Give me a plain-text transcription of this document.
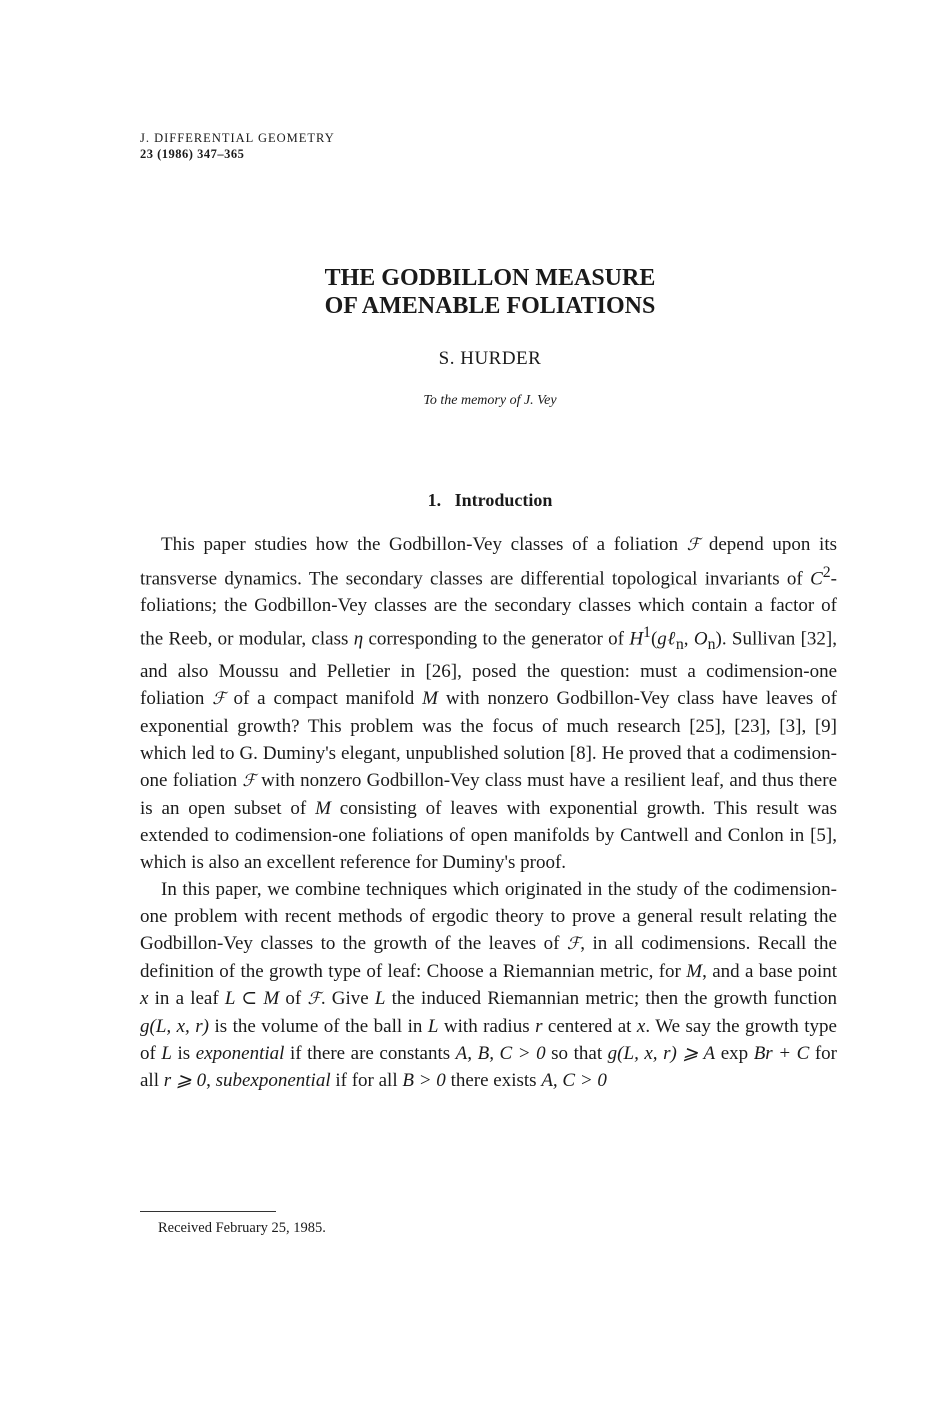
J. DIFFERENTIAL GEOMETRY
23 (1986) 347–365
THE GODBILLON MEASURE
OF AMENABLE FOLIATIONS
S. HURDER
To the memory of J. Vey
1. Introduction

This paper studies how the Godbillon-Vey classes of a foliation ℱ depend upon its transverse dynamics. The secondary classes are differential topological invariants of $C^2$-foliations; the Godbillon-Vey classes are the secondary classes which contain a factor of the Reeb, or modular, class η corresponding to the generator of $H^1(g\ell_n$, $O_n$). Sullivan [32], and also Moussu and Pelletier in [26], posed the question: must a codimension-one foliation ℱ of a compact manifold M with nonzero Godbillon-Vey class have leaves of exponential growth? This problem was the focus of much research [25], [23], [3], [9] which led to G. Duminy's elegant, unpublished solution [8]. He proved that a codimension-one foliation ℱ with nonzero Godbillon-Vey class must have a resilient leaf, and thus there is an open subset of M consisting of leaves with exponential growth. This result was extended to codimension-one foliations of open manifolds by Cantwell and Conlon in [5], which is also an excellent reference for Duminy's proof.

In this paper, we combine techniques which originated in the study of the codimension-one problem with recent methods of ergodic theory to prove a general result relating the Godbillon-Vey classes to the growth of the leaves of ℱ, in all codimensions. Recall the definition of the growth type of leaf: Choose a Riemannian metric, for M, and a base point x in a leaf L ⊂ M of ℱ. Give L the induced Riemannian metric; then the growth function g(L, x, r) is the volume of the ball in L with radius r centered at x. We say the growth type of L is exponential if there are constants A, B, C > 0 so that g(L, x, r) ⩾ A exp Br + C for all r ⩾ 0, subexponential if for all B > 0 there exists A, C > 0

Received February 25, 1985.
